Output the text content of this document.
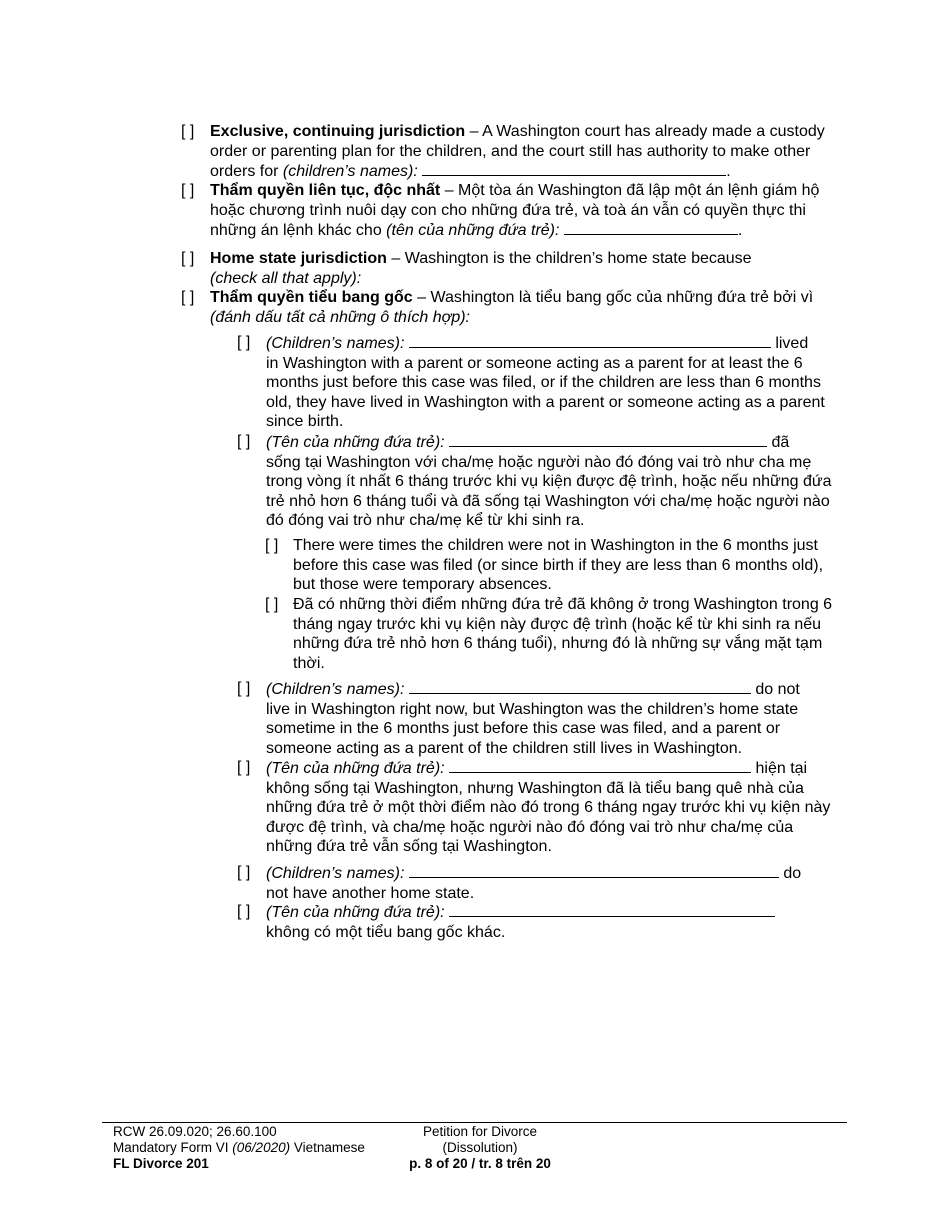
[ ] Exclusive, continuing jurisdiction – A Washington court has already made a custody order or parenting plan for the children, and the court still has authority to make other orders for (children’s names):	.
[ ] Thẩm quyền liên tục, độc nhất – Một tòa án Washington đã lập một án lệnh giám hộ hoặc chương trình nuôi dạy con cho những đứa trẻ, và toà án vẫn có quyền thực thi những án lệnh khác cho (tên của những đứa trẻ):	.
[ ] Home state jurisdiction – Washington is the children’s home state because
(check all that apply):
[ ] Thẩm quyền tiểu bang gốc – Washington là tiểu bang gốc của những đứa trẻ bởi vì (đánh dấu tất cả những ô thích hợp):
[ ] (Children’s names):	lived
in Washington with a parent or someone acting as a parent for at least the 6 months just before this case was filed, or if the children are less than 6 months old, they have lived in Washington with a parent or someone acting as a parent since birth.
[ ] (Tên của những đứa trẻ):	đã
sống tại Washington với cha/mẹ hoặc người nào đó đóng vai trò như cha mẹ trong vòng ít nhất 6 tháng trước khi vụ kiện được đệ trình, hoặc nếu những đứa trẻ nhỏ hơn 6 tháng tuổi và đã sống tại Washington với cha/mẹ hoặc người nào đó đóng vai trò như cha/mẹ kể từ khi sinh ra.
[ ] There were times the children were not in Washington in the 6 months just before this case was filed (or since birth if they are less than 6 months old), but those were temporary absences.
[ ] Đã có những thời điểm những đứa trẻ đã không ở trong Washington trong 6 tháng ngay trước khi vụ kiện này được đệ trình (hoặc kể từ khi sinh ra nếu những đứa trẻ nhỏ hơn 6 tháng tuổi), nhưng đó là những sự vắng mặt tạm thời.
[ ] (Children’s names):	do not
live in Washington right now, but Washington was the children’s home state sometime in the 6 months just before this case was filed, and a parent or someone acting as a parent of the children still lives in Washington.
[ ] (Tên của những đứa trẻ):	hiện tại
không sống tại Washington, nhưng Washington đã là tiểu bang quê nhà của những đứa trẻ ở một thời điểm nào đó trong 6 tháng ngay trước khi vụ kiện này được đệ trình, và cha/mẹ hoặc người nào đó đóng vai trò như cha/mẹ của những đứa trẻ vẫn sống tại Washington.
[ ] (Children’s names):	do
not have another home state.
[ ] (Tên của những đứa trẻ):
không có một tiểu bang gốc khác.
RCW 26.09.020; 26.60.100
Mandatory Form VI (06/2020) Vietnamese
FL Divorce 201
Petition for Divorce
(Dissolution)
p. 8 of 20 / tr. 8 trên 20
